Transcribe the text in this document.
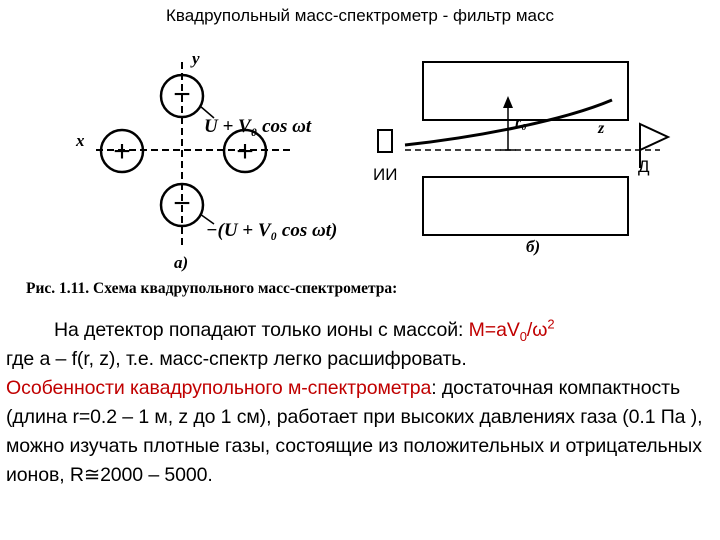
Квадрупольный масс-спектрометр - фильтр масс
y
x
−
−
+	+
U + V₀ cos ωt
−(U + V₀ cos ωt)
а)
ИИ
r₀	z
Д
б)
Рис. 1.11. Схема квадрупольного масс-спектрометра:

На детектор попадают только ионы с массой: $M=aV_0/\omega^2$

где a – f(r, z), т.е. масс-спектр легко расшифровать.

Особенности кавадрупольного м-спектрометра: достаточная компактность (длина r=0.2 – 1 м, z до 1 см), работает при высоких давлениях газа (0.1 Па ), можно изучать плотные газы, состоящие из положительных и отрицательных ионов, R≅2000 – 5000.
